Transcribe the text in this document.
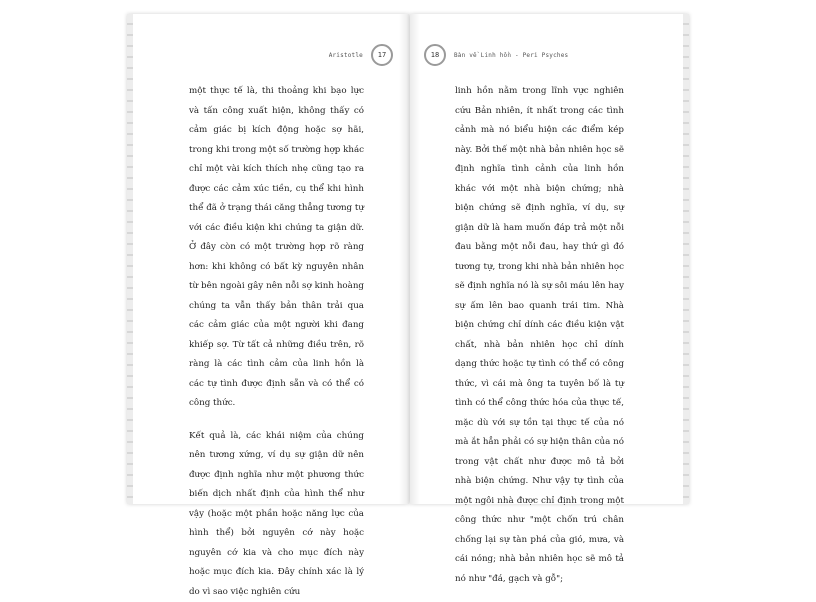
Aristotle 17

một thực tế là, thi thoảng khi bạo lực và tấn công xuất hiện, không thấy có cảm giác bị kích động hoặc sợ hãi, trong khi trong một số trường hợp khác chỉ một vài kích thích nhẹ cũng tạo ra được các cảm xúc tiền, cụ thể khi hình thể đã ở trạng thái căng thẳng tương tự với các điều kiện khi chúng ta giận dữ. Ở đây còn có một trường hợp rõ ràng hơn: khi không có bất kỳ nguyên nhân từ bên ngoài gây nên nỗi sợ kinh hoàng chúng ta vẫn thấy bản thân trải qua các cảm giác của một người khi đang khiếp sợ. Từ tất cả những điều trên, rõ ràng là các tình cảm của linh hồn là các tự tình được định sẵn và có thể có công thức.

Kết quả là, các khái niệm của chúng nên tương xứng, ví dụ sự giận dữ nên được định nghĩa như một phương thức biến dịch nhất định của hình thể như vậy (hoặc một phần hoặc năng lực của hình thể) bởi nguyên cớ này hoặc nguyên cớ kia và cho mục đích này hoặc mục đích kia. Đây chính xác là lý do vì sao việc nghiên cứu

18 Bàn về Linh hồn - Peri Psyches

linh hồn nằm trong lĩnh vực nghiên cứu Bản nhiên, ít nhất trong các tình cảnh mà nó biểu hiện các điểm kép này. Bởi thế một nhà bản nhiên học sẽ định nghĩa tình cảnh của linh hồn khác với một nhà biện chứng; nhà biện chứng sẽ định nghĩa, ví dụ, sự giận dữ là ham muốn đáp trả một nỗi đau bằng một nỗi đau, hay thứ gì đó tương tự, trong khi nhà bản nhiên học sẽ định nghĩa nó là sự sôi máu lên hay sự ấm lên bao quanh trái tim. Nhà biện chứng chỉ dính các điều kiện vật chất, nhà bản nhiên học chỉ dính dạng thức hoặc tự tình có thể có công thức, vì cái mà ông ta tuyên bố là tự tình có thể công thức hóa của thực tế, mặc dù với sự tồn tại thực tế của nó mà ắt hẳn phải có sự hiện thân của nó trong vật chất như được mô tả bởi nhà biện chứng. Như vậy tự tình của một ngôi nhà được chỉ định trong một công thức như "một chốn trú chân chống lại sự tàn phá của gió, mưa, và cái nóng; nhà bản nhiên học sẽ mô tả nó như "đá, gạch và gỗ";
